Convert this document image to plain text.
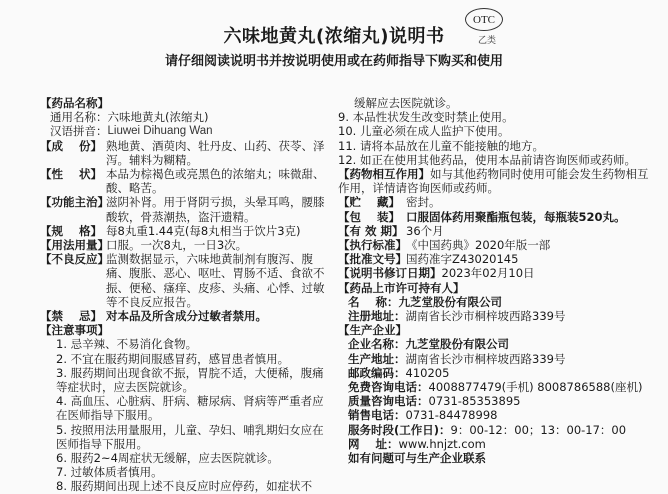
OTC
乙类
六味地黄丸(浓缩丸)说明书
请仔细阅读说明书并按说明使用或在药师指导下购买和使用
【药品名称】
通用名称： 六味地黄丸(浓缩丸)
汉语拼音： Liuwei Dihuang Wan
【成    份】 熟地黄、酒萸肉、牡丹皮、山药、茯苓、泽泻。辅料为糊精。
【性    状】 本品为棕褐色或亮黑色的浓缩丸；味微甜、酸、略苦。
【功能主治】
滋阴补肾。用于肾阴亏损，头晕耳鸣，腰膝酸软，骨蒸潮热，盗汗遗精。
【规    格】 每8丸重1.44克(每8丸相当于饮片3克)
【用法用量】
口服。一次8丸，一日3次。
【不良反应】
监测数据显示，六味地黄制剂有腹泻、腹痛、腹胀、恶心、呕吐、胃肠不适、食欲不振、便秘、瘙痒、皮疹、头痛、心悸、过敏等不良反应报告。
【禁    忌】 对本品及所含成分过敏者禁用。
【注意事项】
1. 忌辛辣、不易消化食物。
2. 不宜在服药期间服感冒药，感冒患者慎用。
3. 服药期间出现食欲不振，胃脘不适，大便稀，腹痛等症状时，应去医院就诊。
4. 高血压、心脏病、肝病、糖尿病、肾病等严重者应在医师指导下服用。
5. 按照用法用量服用，儿童、孕妇、哺乳期妇女应在医师指导下服用。
6. 服药2~4周症状无缓解，应去医院就诊。
7. 过敏体质者慎用。
8. 服药期间出现上述不良反应时应停药，如症状不
缓解应去医院就诊。
9. 本品性状发生改变时禁止使用。
10. 儿童必须在成人监护下使用。
11. 请将本品放在儿童不能接触的地方。
12. 如正在使用其他药品，使用本品前请咨询医师或药师。
【药物相互作用】如与其他药物同时使用可能会发生药物相互作用，详情请咨询医师或药师。
【贮    藏】 密封。
【包    装】 口服固体药用聚酯瓶包装，每瓶装520丸。
【有 效 期】 36个月
【执行标准】 《中国药典》2020年版一部
【批准文号】 国药准字Z43020145
【说明书修订日期】 2023年02月10日
【药品上市许可持有人】
名    称： 九芝堂股份有限公司
注册地址： 湖南省长沙市桐梓坡西路339号
【生产企业】
企业名称： 九芝堂股份有限公司
生产地址： 湖南省长沙市桐梓坡西路339号
邮政编码： 410205
免费咨询电话： 4008877479(手机) 8008786588(座机)
质量咨询电话： 0731-85353895
销售电话： 0731-84478998
服务时段(工作日)： 9：00-12：00；13：00-17：00
网    址： www.hnjzt.com
如有问题可与生产企业联系
